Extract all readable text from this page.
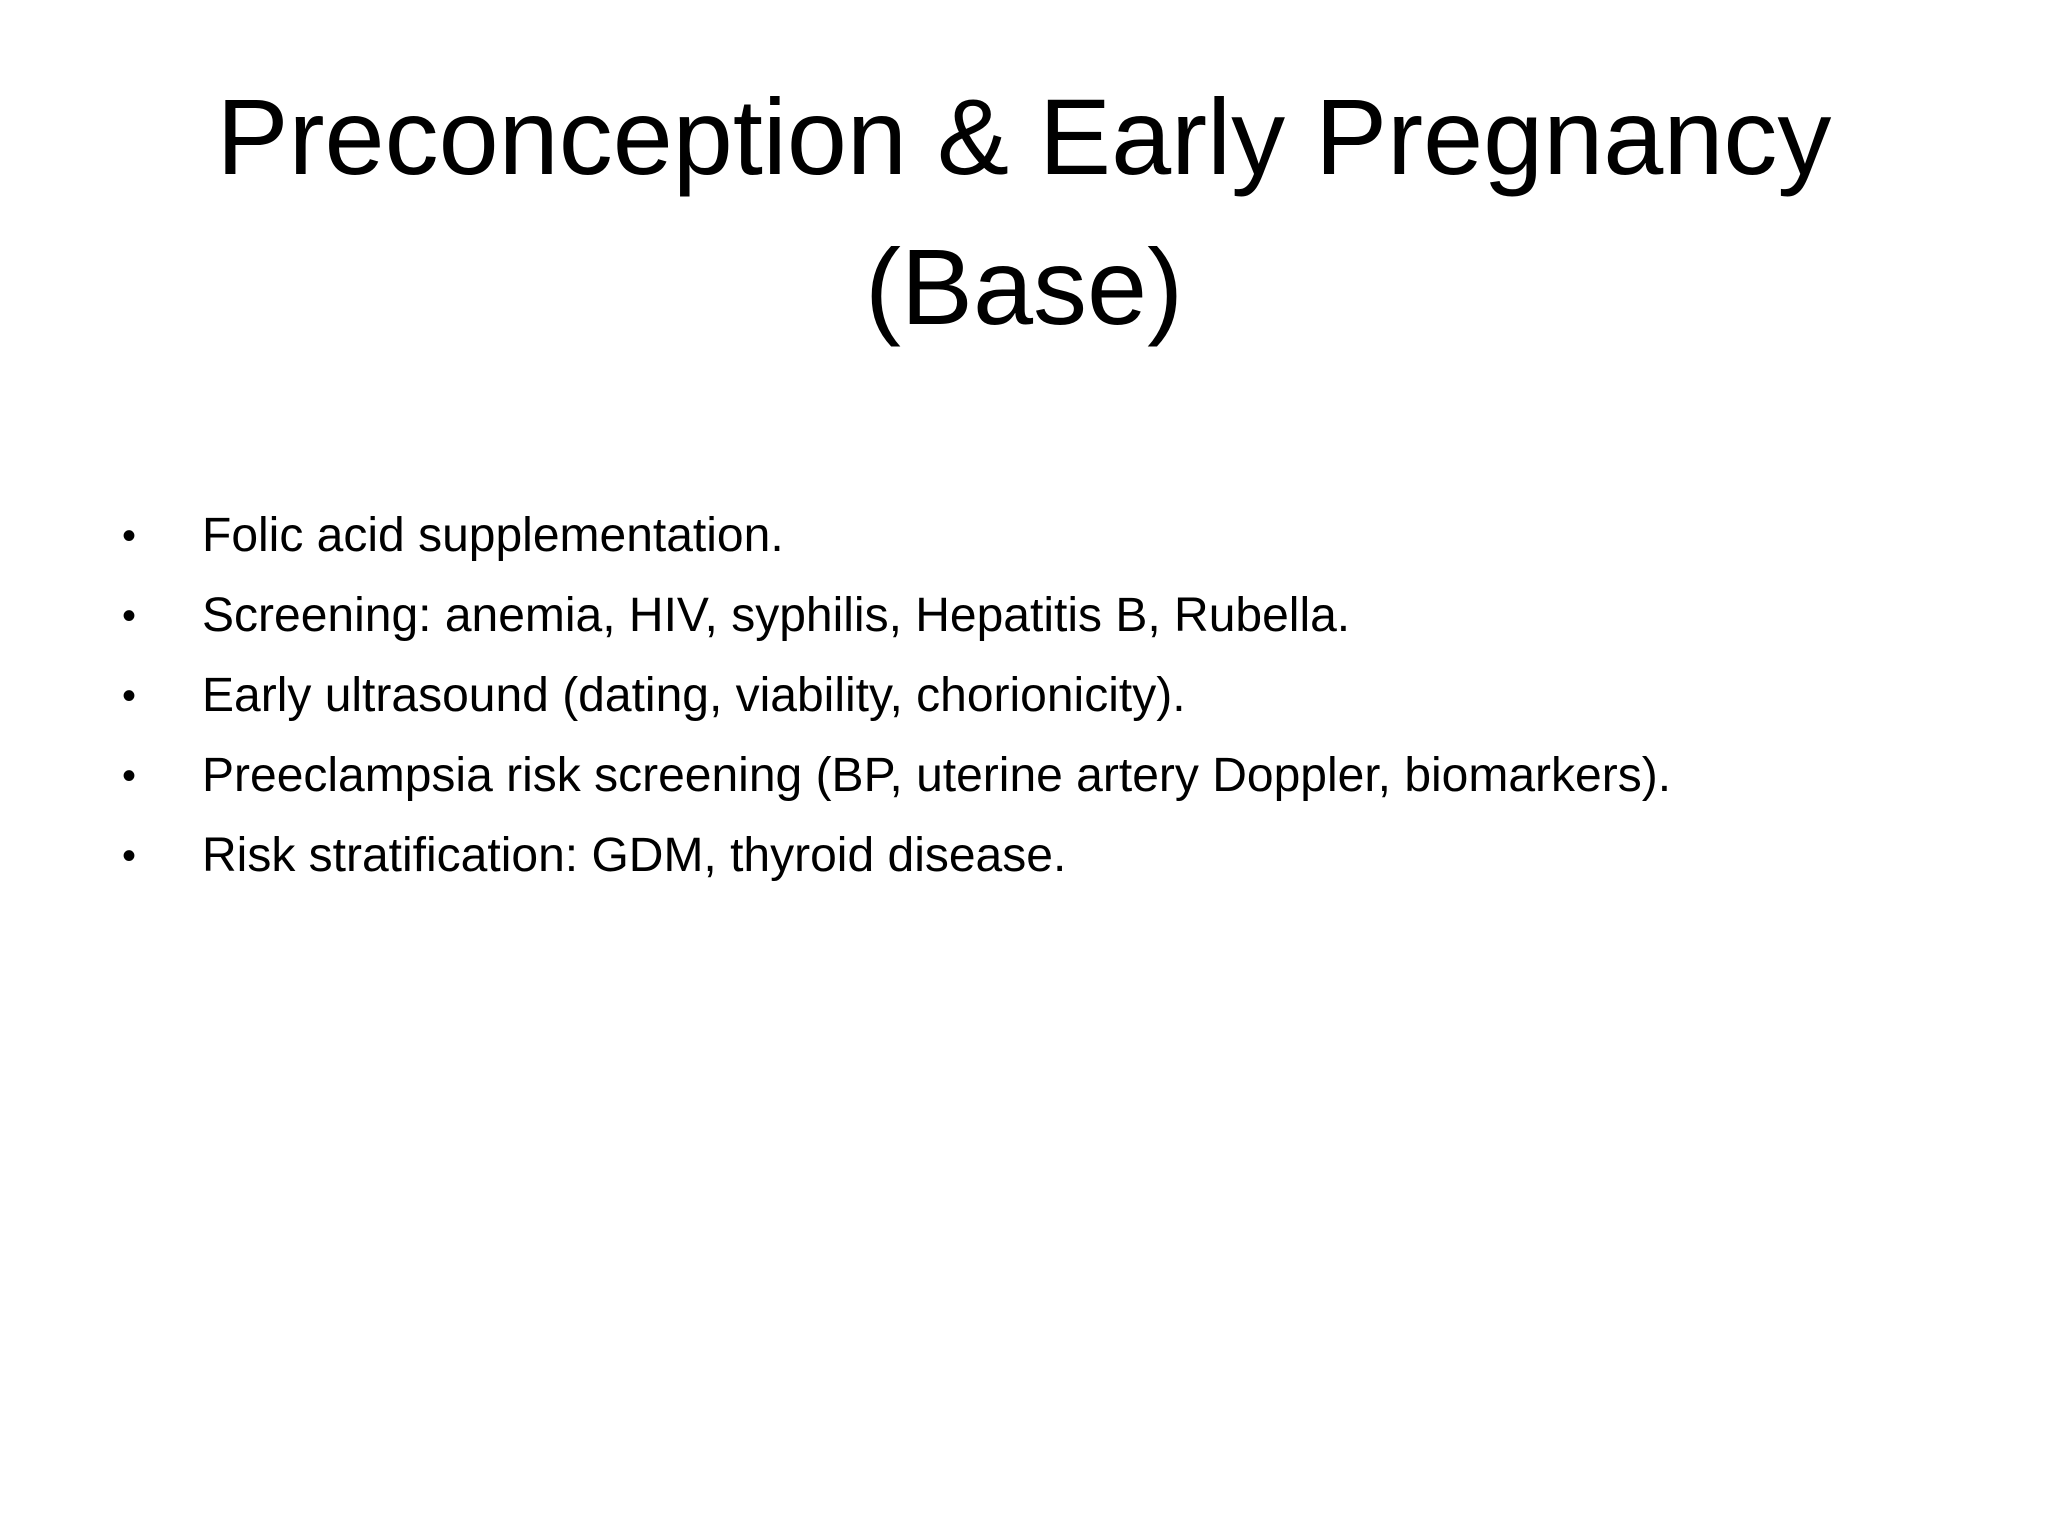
Preconception & Early Pregnancy
(Base)
•	Folic acid supplementation.
•	Screening: anemia, HIV, syphilis, Hepatitis B, Rubella.
•	Early ultrasound (dating, viability, chorionicity).
•	Preeclampsia risk screening (BP, uterine artery Doppler, biomarkers).
•	Risk stratification: GDM, thyroid disease.
